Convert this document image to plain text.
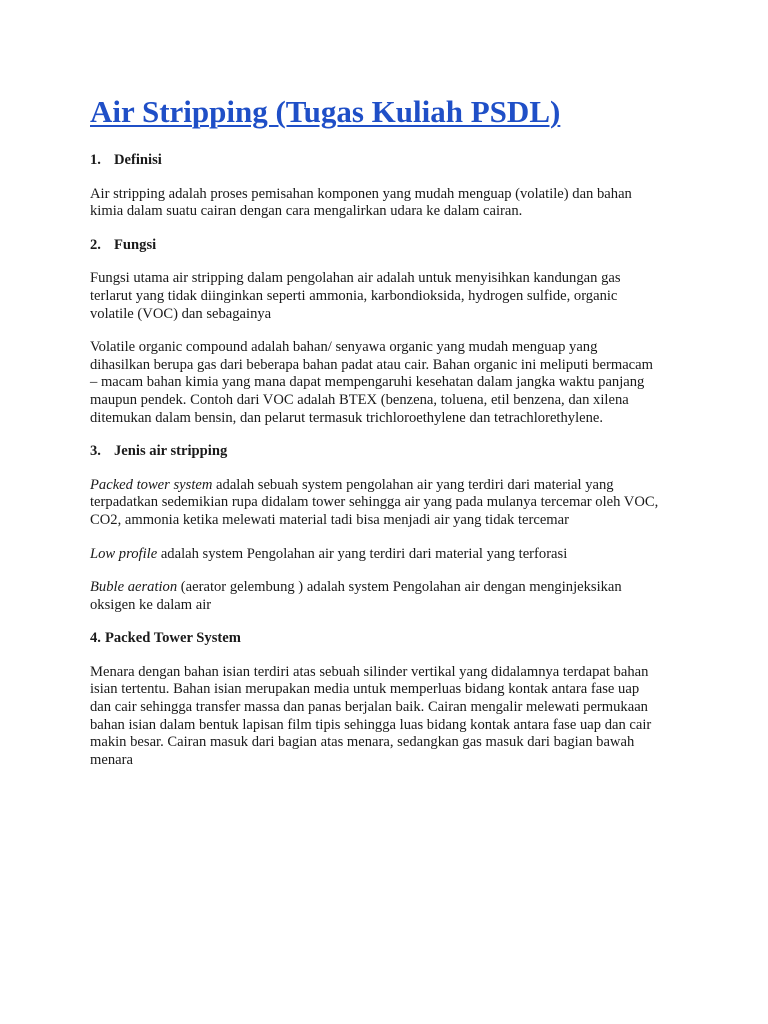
Air Stripping (Tugas Kuliah PSDL)
1. Definisi

Air stripping adalah proses pemisahan komponen yang mudah menguap (volatile) dan bahan
kimia dalam suatu cairan dengan cara mengalirkan udara ke dalam cairan.

2. Fungsi

Fungsi utama air stripping dalam pengolahan air adalah untuk menyisihkan kandungan gas
terlarut yang tidak diinginkan seperti ammonia, karbondioksida, hydrogen sulfide, organic
volatile (VOC) dan sebagainya

Volatile organic compound adalah bahan/ senyawa organic yang mudah menguap yang
dihasilkan berupa gas dari beberapa bahan padat atau cair. Bahan organic ini meliputi bermacam
– macam bahan kimia yang mana dapat mempengaruhi kesehatan dalam jangka waktu panjang
maupun pendek. Contoh dari VOC adalah BTEX (benzena, toluena, etil benzena, dan xilena
ditemukan dalam bensin, dan pelarut termasuk trichloroethylene dan tetrachlorethylene.

3. Jenis air stripping

Packed tower system adalah sebuah system pengolahan air yang terdiri dari material yang
terpadatkan sedemikian rupa didalam tower sehingga air yang pada mulanya tercemar oleh VOC,
CO2, ammonia ketika melewati material tadi bisa menjadi air yang tidak tercemar

Low profile adalah system Pengolahan air yang terdiri dari material yang terforasi

Buble aeration (aerator gelembung ) adalah system Pengolahan air dengan menginjeksikan
oksigen ke dalam air

4. Packed Tower System

Menara dengan bahan isian terdiri atas sebuah silinder vertikal yang didalamnya terdapat bahan
isian tertentu. Bahan isian merupakan media untuk memperluas bidang kontak antara fase uap
dan cair sehingga transfer massa dan panas berjalan baik. Cairan mengalir melewati permukaan
bahan isian dalam bentuk lapisan film tipis sehingga luas bidang kontak antara fase uap dan cair
makin besar. Cairan masuk dari bagian atas menara, sedangkan gas masuk dari bagian bawah
menara
